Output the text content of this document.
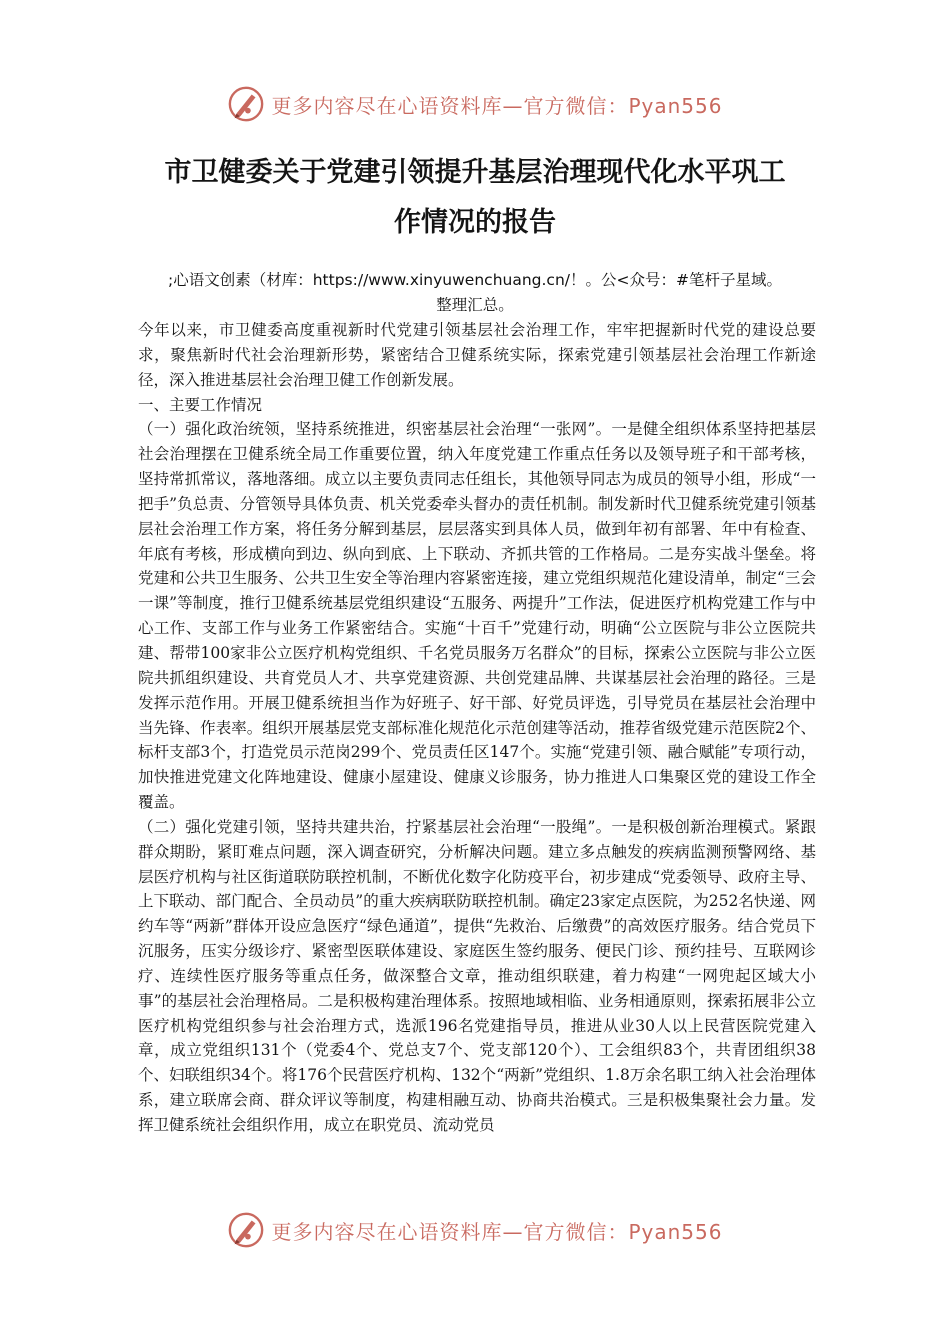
更多内容尽在心语资料库—官方微信：Pyan556
市卫健委关于党建引领提升基层治理现代化水平巩工
作情况的报告
;心语文创素（材库：https://www.xinyuwenchuang.cn/！。公<众号：#笔杆子星域。
整理汇总。

今年以来，市卫健委高度重视新时代党建引领基层社会治理工作，牢牢把握新时代党的建设总要求，聚焦新时代社会治理新形势，紧密结合卫健系统实际，探索党建引领基层社会治理工作新途径，深入推进基层社会治理卫健工作创新发展。

一、主要工作情况

（一）强化政治统领，坚持系统推进，织密基层社会治理“一张网”。一是健全组织体系坚持把基层社会治理摆在卫健系统全局工作重要位置，纳入年度党建工作重点任务以及领导班子和干部考核，坚持常抓常议，落地落细。成立以主要负责同志任组长，其他领导同志为成员的领导小组，形成“一把手”负总责、分管领导具体负责、机关党委牵头督办的责任机制。制发新时代卫健系统党建引领基层社会治理工作方案，将任务分解到基层，层层落实到具体人员，做到年初有部署、年中有检查、年底有考核，形成横向到边、纵向到底、上下联动、齐抓共管的工作格局。二是夯实战斗堡垒。将党建和公共卫生服务、公共卫生安全等治理内容紧密连接，建立党组织规范化建设清单，制定“三会一课”等制度，推行卫健系统基层党组织建设“五服务、两提升”工作法，促进医疗机构党建工作与中心工作、支部工作与业务工作紧密结合。实施“十百千”党建行动，明确“公立医院与非公立医院共建、帮带100家非公立医疗机构党组织、千名党员服务万名群众”的目标，探索公立医院与非公立医院共抓组织建设、共育党员人才、共享党建资源、共创党建品牌、共谋基层社会治理的路径。三是发挥示范作用。开展卫健系统担当作为好班子、好干部、好党员评选，引导党员在基层社会治理中当先锋、作表率。组织开展基层党支部标准化规范化示范创建等活动，推荐省级党建示范医院2个、标杆支部3个，打造党员示范岗299个、党员责任区147个。实施“党建引领、融合赋能”专项行动，加快推进党建文化阵地建设、健康小屋建设、健康义诊服务，协力推进人口集聚区党的建设工作全覆盖。

（二）强化党建引领，坚持共建共治，拧紧基层社会治理“一股绳”。一是积极创新治理模式。紧跟群众期盼，紧盯难点问题，深入调查研究，分析解决问题。建立多点触发的疾病监测预警网络、基层医疗机构与社区街道联防联控机制，不断优化数字化防疫平台，初步建成“党委领导、政府主导、上下联动、部门配合、全员动员”的重大疾病联防联控机制。确定23家定点医院，为252名快递、网约车等“两新”群体开设应急医疗“绿色通道”，提供“先救治、后缴费”的高效医疗服务。结合党员下沉服务，压实分级诊疗、紧密型医联体建设、家庭医生签约服务、便民门诊、预约挂号、互联网诊疗、连续性医疗服务等重点任务，做深整合文章，推动组织联建，着力构建“一网兜起区域大小事”的基层社会治理格局。二是积极构建治理体系。按照地域相临、业务相通原则，探索拓展非公立医疗机构党组织参与社会治理方式，选派196名党建指导员，推进从业30人以上民营医院党建入章，成立党组织131个（党委4个、党总支7个、党支部120个）、工会组织83个，共青团组织38个、妇联组织34个。将176个民营医疗机构、132个“两新”党组织、1.8万余名职工纳入社会治理体系，建立联席会商、群众评议等制度，构建相融互动、协商共治模式。三是积极集聚社会力量。发挥卫健系统社会组织作用，成立在职党员、流动党员

更多内容尽在心语资料库—官方微信：Pyan556
